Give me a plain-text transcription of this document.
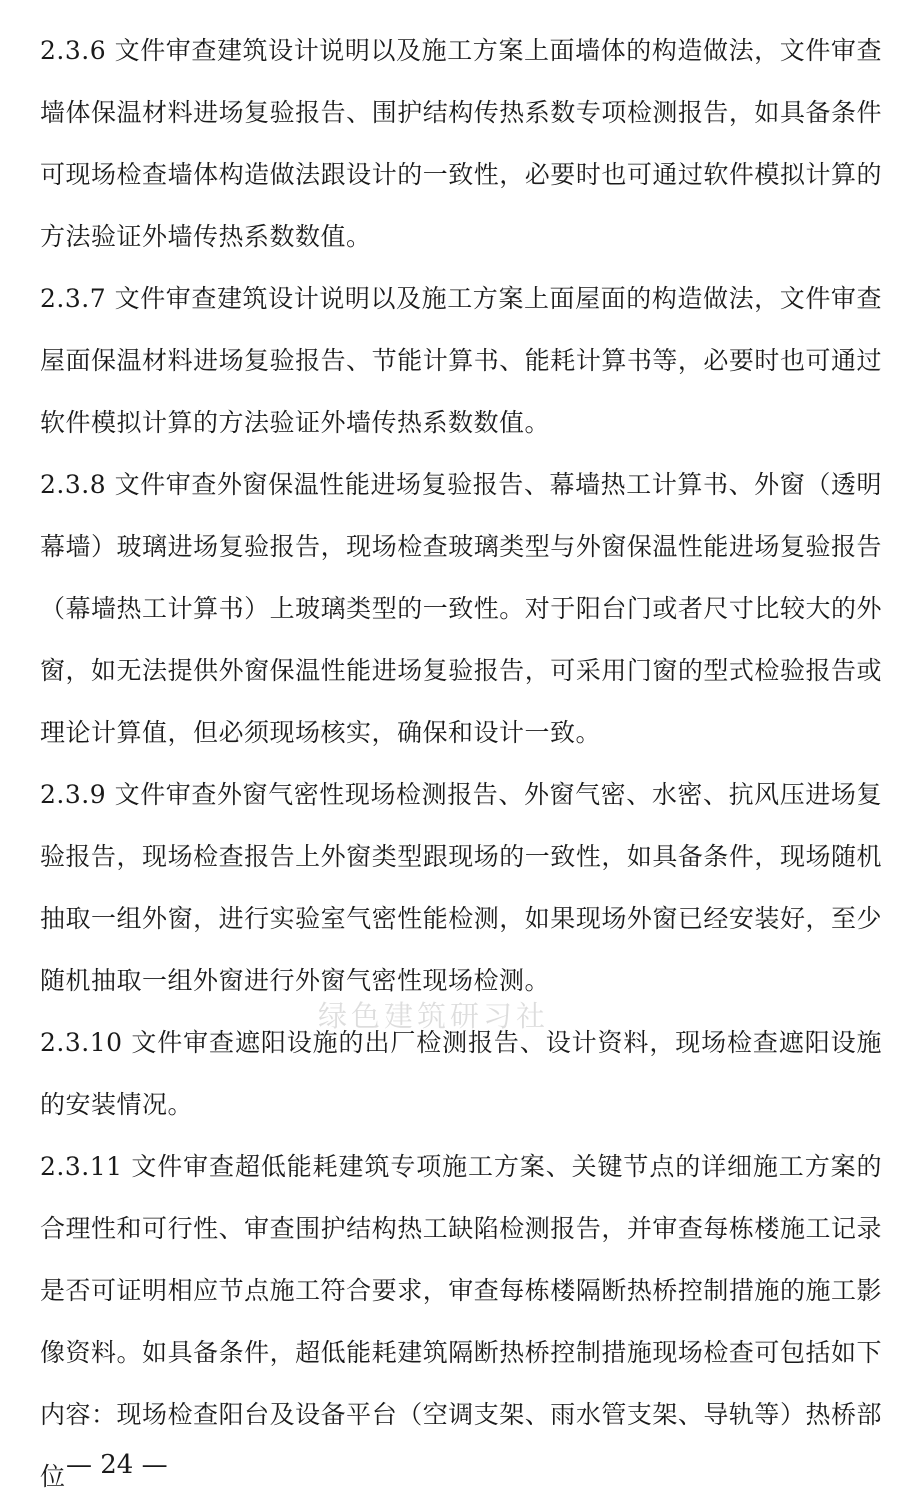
2.3.6 文件审查建筑设计说明以及施工方案上面墙体的构造做法，文件审查墙体保温材料进场复验报告、围护结构传热系数专项检测报告，如具备条件可现场检查墙体构造做法跟设计的一致性，必要时也可通过软件模拟计算的方法验证外墙传热系数数值。

2.3.7 文件审查建筑设计说明以及施工方案上面屋面的构造做法，文件审查屋面保温材料进场复验报告、节能计算书、能耗计算书等，必要时也可通过软件模拟计算的方法验证外墙传热系数数值。

2.3.8 文件审查外窗保温性能进场复验报告、幕墙热工计算书、外窗（透明幕墙）玻璃进场复验报告，现场检查玻璃类型与外窗保温性能进场复验报告（幕墙热工计算书）上玻璃类型的一致性。对于阳台门或者尺寸比较大的外窗，如无法提供外窗保温性能进场复验报告，可采用门窗的型式检验报告或理论计算值，但必须现场核实，确保和设计一致。

2.3.9 文件审查外窗气密性现场检测报告、外窗气密、水密、抗风压进场复验报告，现场检查报告上外窗类型跟现场的一致性，如具备条件，现场随机抽取一组外窗，进行实验室气密性能检测，如果现场外窗已经安装好，至少随机抽取一组外窗进行外窗气密性现场检测。

2.3.10 文件审查遮阳设施的出厂检测报告、设计资料，现场检查遮阳设施的安装情况。

2.3.11 文件审查超低能耗建筑专项施工方案、关键节点的详细施工方案的合理性和可行性、审查围护结构热工缺陷检测报告，并审查每栋楼施工记录是否可证明相应节点施工符合要求，审查每栋楼隔断热桥控制措施的施工影像资料。如具备条件，超低能耗建筑隔断热桥控制措施现场检查可包括如下内容：现场检查阳台及设备平台（空调支架、雨水管支架、导轨等）热桥部位

绿色建筑研习社
— 24 —
